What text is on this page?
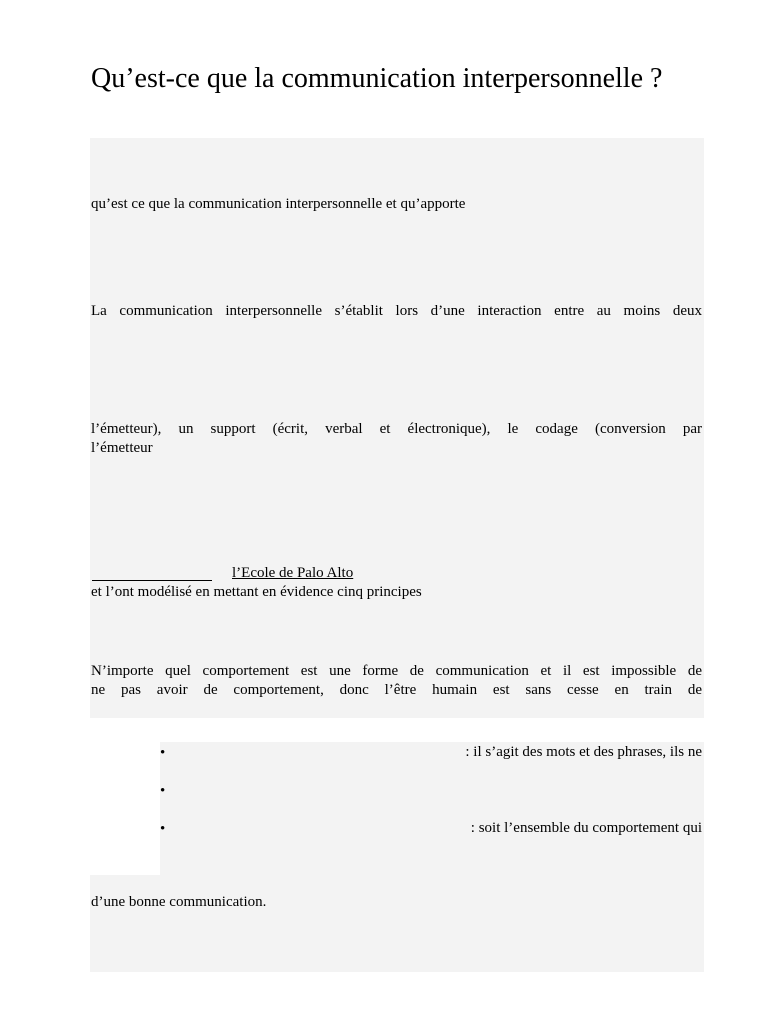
Qu’est-ce que la communication interpersonnelle ?
qu’est ce que la communication interpersonnelle et qu’apporte
La communication interpersonnelle s’établit lors d’une interaction entre au moins deux
l’émetteur), un support (écrit, verbal et électronique), le codage (conversion par
l’émetteur
l’Ecole de Palo Alto
et l’ont modélisé en mettant en évidence cinq principes
N’importe quel comportement est une forme de communication et il est impossible de
ne pas avoir de comportement, donc l’être humain est sans cesse en train de
•	: il s’agit des mots et des phrases, ils ne
•
•	: soit l’ensemble du comportement qui
d’une bonne communication.
